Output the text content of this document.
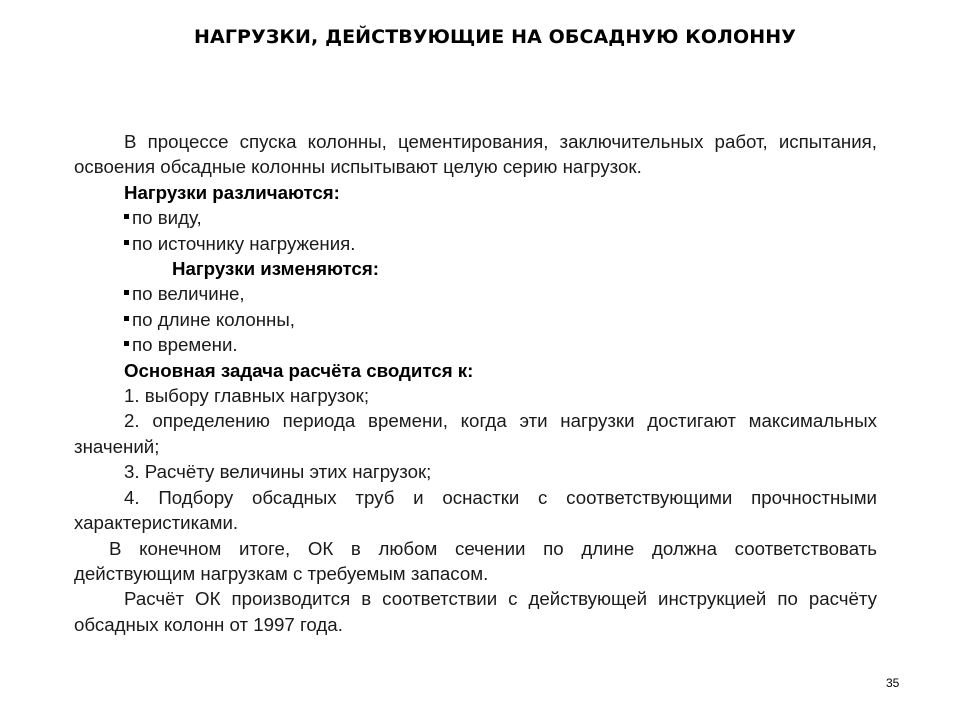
НАГРУЗКИ, ДЕЙСТВУЮЩИЕ НА ОБСАДНУЮ КОЛОННУ

В процессе спуска колонны, цементирования, заключительных работ, испытания, освоения обсадные колонны испытывают целую серию нагрузок.

Нагрузки различаются:

по виду,
по источнику нагружения.

Нагрузки изменяются:

по величине,
по длине колонны,
по времени.

Основная задача расчёта сводится к:

1. выбору главных нагрузок;
2. определению периода времени, когда эти нагрузки достигают максимальных значений;
3. Расчёту величины этих нагрузок;
4. Подбору обсадных труб и оснастки с соответствующими прочностными характеристиками.

В конечном итоге, ОК в любом сечении по длине должна соответствовать действующим нагрузкам с требуемым запасом.

Расчёт ОК производится в соответствии с действующей инструкцией по расчёту обсадных колонн от 1997 года.

35
